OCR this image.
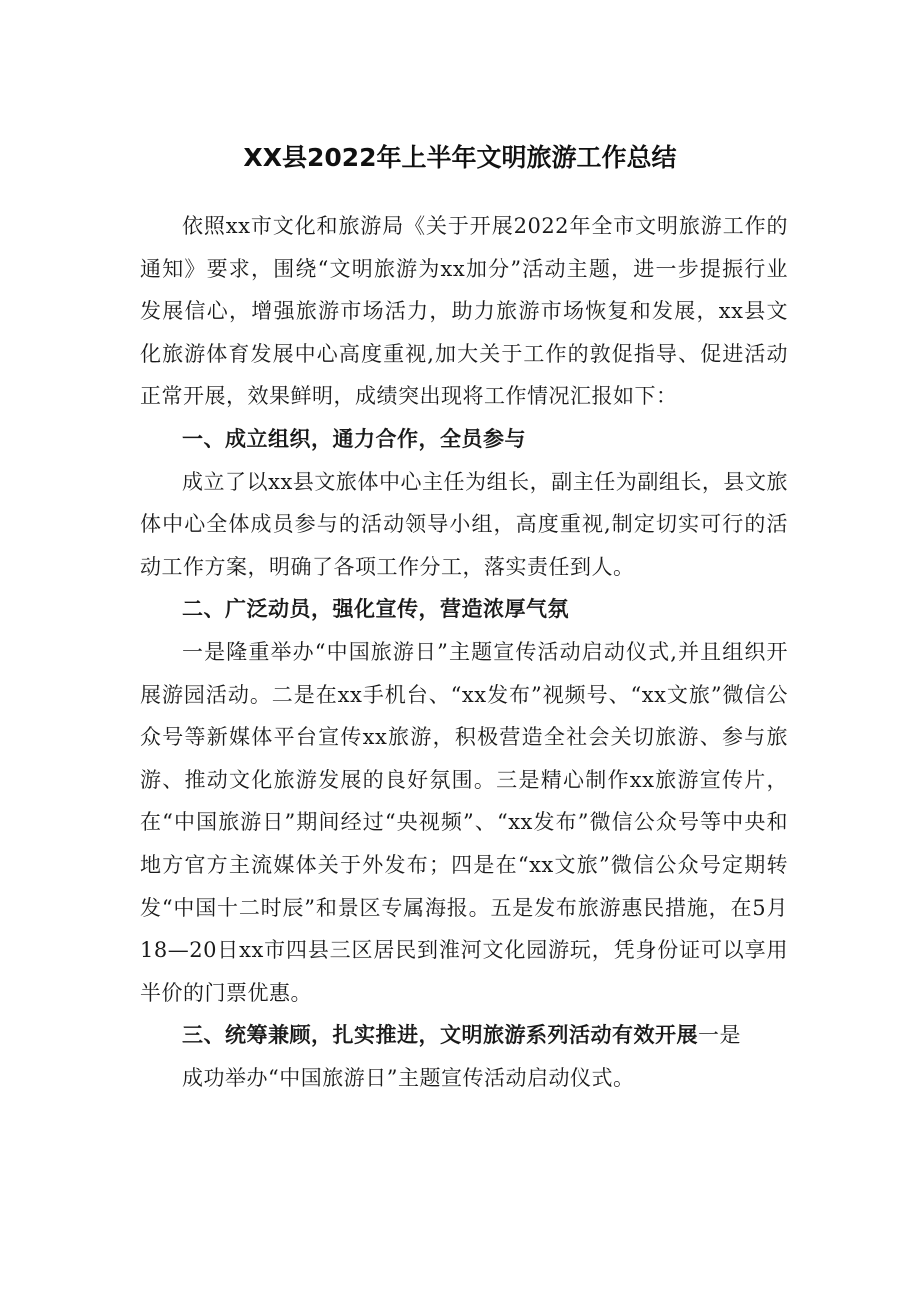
XX县2022年上半年文明旅游工作总结

依照xx市文化和旅游局《关于开展2022年全市文明旅游工作的通知》要求，围绕“文明旅游为xx加分”活动主题，进一步提振行业发展信心，增强旅游市场活力，助力旅游市场恢复和发展，xx县文化旅游体育发展中心高度重视,加大关于工作的敦促指导、促进活动正常开展，效果鲜明，成绩突出现将工作情况汇报如下：

一、成立组织，通力合作，全员参与

成立了以xx县文旅体中心主任为组长，副主任为副组长，县文旅体中心全体成员参与的活动领导小组，高度重视,制定切实可行的活动工作方案，明确了各项工作分工，落实责任到人。

二、广泛动员，强化宣传，营造浓厚气氛

一是隆重举办“中国旅游日”主题宣传活动启动仪式,并且组织开展游园活动。二是在xx手机台、“xx发布”视频号、“xx文旅”微信公众号等新媒体平台宣传xx旅游，积极营造全社会关切旅游、参与旅游、推动文化旅游发展的良好氛围。三是精心制作xx旅游宣传片，在“中国旅游日”期间经过“央视频”、“xx发布”微信公众号等中央和地方官方主流媒体关于外发布；四是在“xx文旅”微信公众号定期转发“中国十二时辰”和景区专属海报。五是发布旅游惠民措施，在5月18—20日xx市四县三区居民到淮河文化园游玩，凭身份证可以享用半价的门票优惠。

三、统筹兼顾，扎实推进，文明旅游系列活动有效开展一是

成功举办“中国旅游日”主题宣传活动启动仪式。
